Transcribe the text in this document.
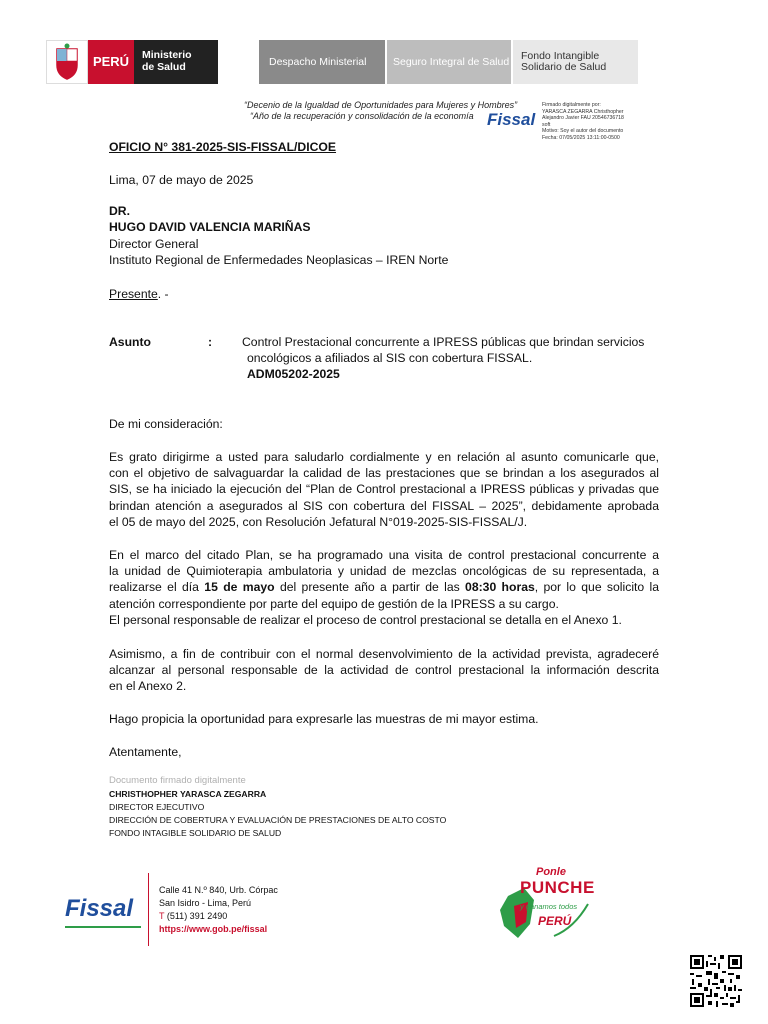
PERÚ	Ministerio
de Salud	Despacho Ministerial	Seguro Integral de Salud Fondo Intangible
Solidario de Salud
“Decenio de la Igualdad de Oportunidades para Mujeres y Hombres”
“Año de la recuperación y consolidación de la economía Fissal
Firmado digitalmente por:
YARASCA ZEGARRA Christhopher
Alejandro Javier FAU 20546736718
soft
Motivo: Soy el autor del documento
Fecha: 07/05/2025 13:11:00-0500
OFICIO N° 381-2025-SIS-FISSAL/DICOE
Lima, 07 de mayo de 2025
DR.
HUGO DAVID VALENCIA MARIÑAS
Director General
Instituto Regional de Enfermedades Neoplasicas – IREN Norte
Presente. -
Asunto	: Control Prestacional concurrente a IPRESS públicas que brindan servicios
oncológicos a afiliados al SIS con cobertura FISSAL.
ADM05202-2025
De mi consideración:
Es grato dirigirme a usted para saludarlo cordialmente y en relación al asunto comunicarle que,
con el objetivo de salvaguardar la calidad de las prestaciones que se brindan a los asegurados al
SIS, se ha iniciado la ejecución del “Plan de Control prestacional a IPRESS públicas y privadas que
brindan atención a asegurados al SIS con cobertura del FISSAL – 2025”, debidamente aprobada
el 05 de mayo del 2025, con Resolución Jefatural N°019-2025-SIS-FISSAL/J.
En el marco del citado Plan, se ha programado una visita de control prestacional concurrente a
la unidad de Quimioterapia ambulatoria y unidad de mezclas oncológicas de su representada, a
realizarse el día 15 de mayo del presente año a partir de las 08:30 horas, por lo que solicito la
atención correspondiente por parte del equipo de gestión de la IPRESS a su cargo.
El personal responsable de realizar el proceso de control prestacional se detalla en el Anexo 1.
Asimismo, a fin de contribuir con el normal desenvolvimiento de la actividad prevista, agradeceré
alcanzar al personal responsable de la actividad de control prestacional la información descrita
en el Anexo 2.
Hago propicia la oportunidad para expresarle las muestras de mi mayor estima.
Atentamente,
Documento firmado digitalmente
CHRISTHOPHER YARASCA ZEGARRA
DIRECTOR EJECUTIVO
DIRECCIÓN DE COBERTURA Y EVALUACIÓN DE PRESTACIONES DE ALTO COSTO
FONDO INTAGIBLE SOLIDARIO DE SALUD
Fissal
Calle 41 N.º 840, Urb. Córpac
San Isidro - Lima, Perú
T (511) 391 2490
https://www.gob.pe/fissal
Ponle
PUNCHE
y ganamos todos
PERÚ
